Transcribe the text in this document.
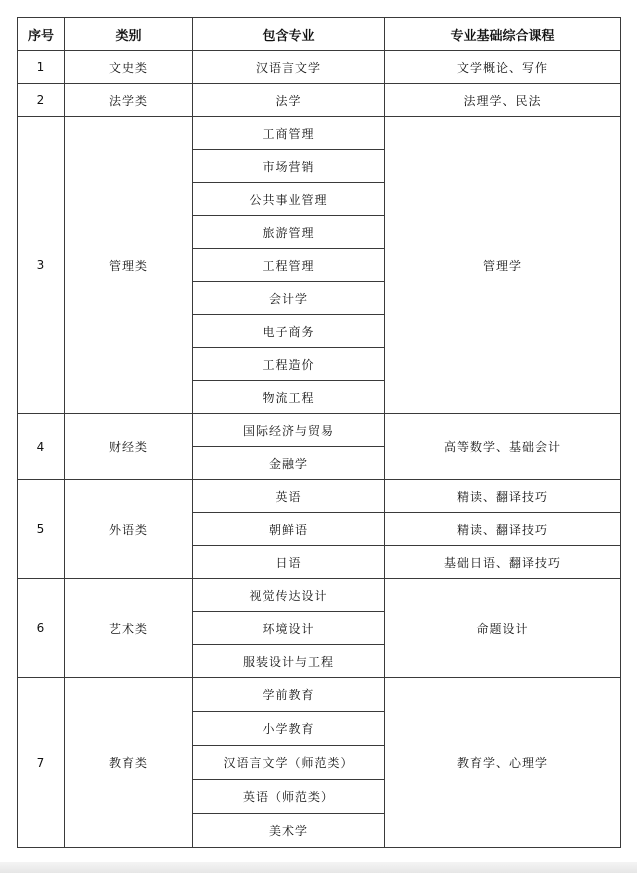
序号	类别	包含专业	专业基础综合课程
1	文史类	汉语言文学	文学概论、写作
2	法学类	法学	法理学、民法
3	管理类	工商管理	管理学
		市场营销	
		公共事业管理	
		旅游管理	
		工程管理	
		会计学	
		电子商务	
		工程造价	
		物流工程	
4	财经类	国际经济与贸易	高等数学、基础会计
		金融学	
5	外语类	英语	精读、翻译技巧
		朝鲜语	精读、翻译技巧
		日语	基础日语、翻译技巧
6	艺术类	视觉传达设计	命题设计
		环境设计	
		服装设计与工程	
7	教育类	学前教育	教育学、心理学
		小学教育	
		汉语言文学（师范类）	
		英语（师范类）	
		美术学	
